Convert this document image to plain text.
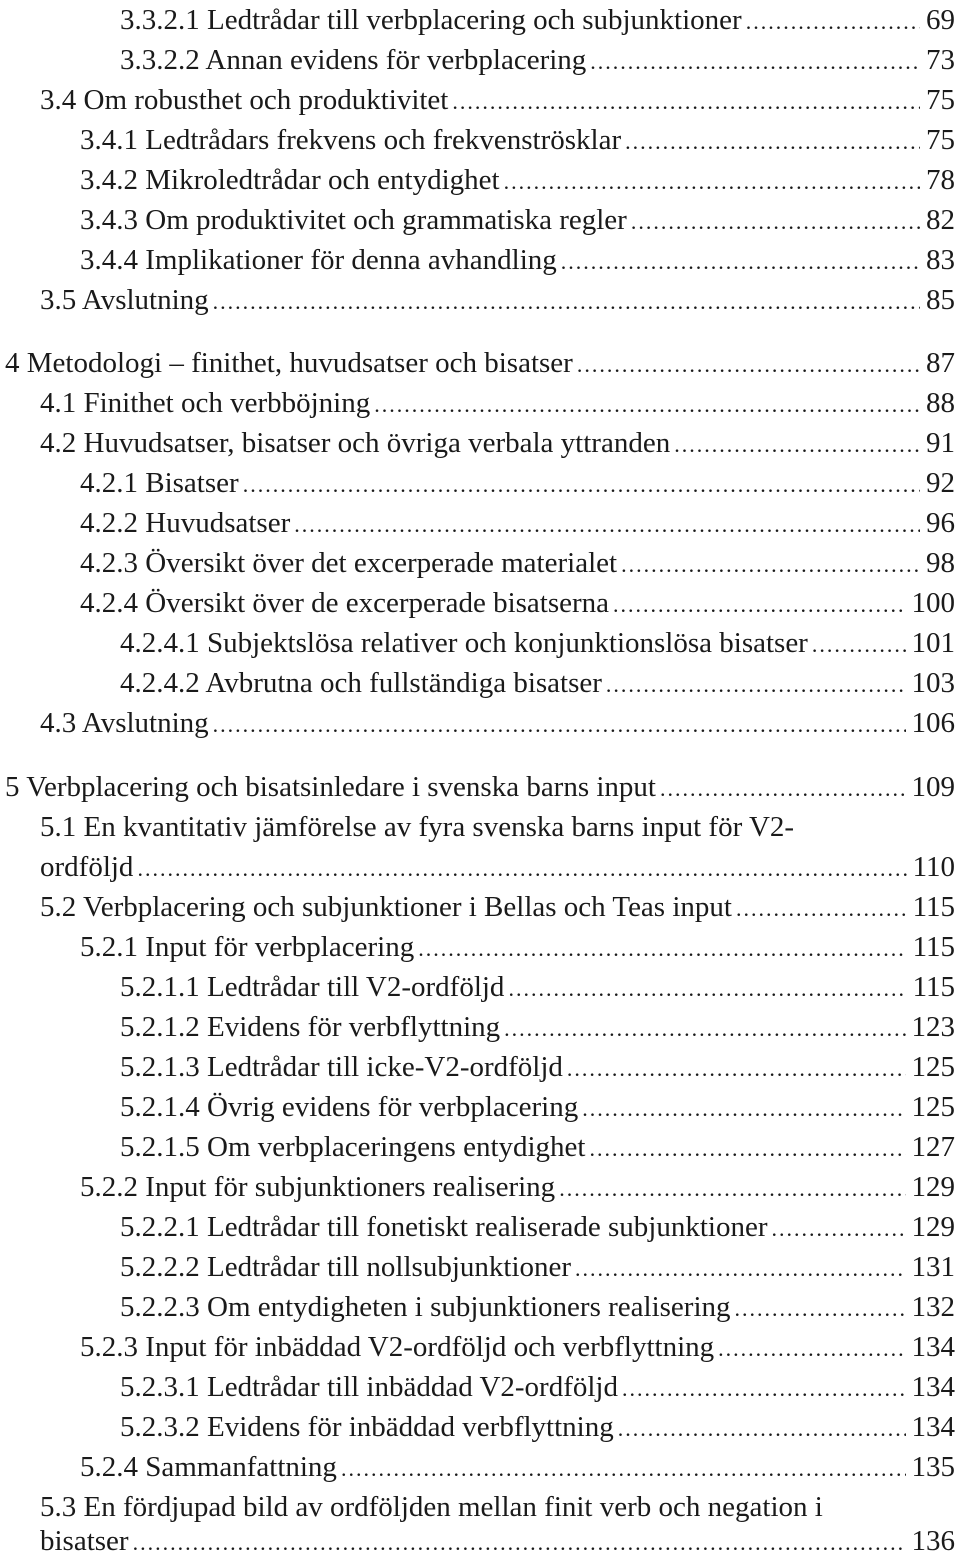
3.3.2.1 Ledtrådar till verbplacering och subjunktioner .....	69
3.3.2.2 Annan evidens för verbplacering .....	73
3.4 Om robusthet och produktivitet .....	75
3.4.1 Ledtrådars frekvens och frekvenströsklar .....	75
3.4.2 Mikroledtrådar och entydighet .....	78
3.4.3 Om produktivitet och grammatiska regler .....	82
3.4.4 Implikationer för denna avhandling .....	83
3.5 Avslutning .....	85
4 Metodologi – finithet, huvudsatser och bisatser .....	87
4.1 Finithet och verbböjning .....	88
4.2 Huvudsatser, bisatser och övriga verbala yttranden .....	91
4.2.1 Bisatser .....	92
4.2.2 Huvudsatser .....	96
4.2.3 Översikt över det excerperade materialet .....	98
4.2.4 Översikt över de excerperade bisatserna .....	100
4.2.4.1 Subjektslösa relativer och konjunktionslösa bisatser .....	101
4.2.4.2 Avbrutna och fullständiga bisatser .....	103
4.3 Avslutning .....	106
5 Verbplacering och bisatsinledare i svenska barns input .....	109
5.1 En kvantitativ jämförelse av fyra svenska barns input för V2-
ordföljd .....	110
5.2 Verbplacering och subjunktioner i Bellas och Teas input .....	115
5.2.1 Input för verbplacering .....	115
5.2.1.1 Ledtrådar till V2-ordföljd .....	115
5.2.1.2 Evidens för verbflyttning .....	123
5.2.1.3 Ledtrådar till icke-V2-ordföljd .....	125
5.2.1.4 Övrig evidens för verbplacering .....	125
5.2.1.5 Om verbplaceringens entydighet .....	127
5.2.2 Input för subjunktioners realisering .....	129
5.2.2.1 Ledtrådar till fonetiskt realiserade subjunktioner .....	129
5.2.2.2 Ledtrådar till nollsubjunktioner .....	131
5.2.2.3 Om entydigheten i subjunktioners realisering .....	132
5.2.3 Input för inbäddad V2-ordföljd och verbflyttning .....	134
5.2.3.1 Ledtrådar till inbäddad V2-ordföljd .....	134
5.2.3.2 Evidens för inbäddad verbflyttning .....	134
5.2.4 Sammanfattning .....	135
5.3 En fördjupad bild av ordföljden mellan finit verb och negation i
bisatser .....	136
